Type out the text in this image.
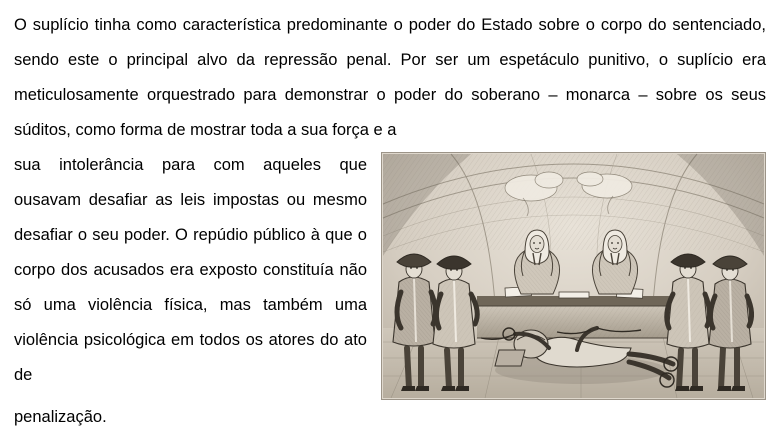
O suplício tinha como característica predominante o poder do Estado sobre o corpo do sentenciado, sendo este o principal alvo da repressão penal. Por ser um espetáculo punitivo, o suplício era meticulosamente orquestrado para demonstrar o poder do soberano – monarca – sobre os seus súditos, como forma de mostrar toda a sua força e a

sua intolerância para com aqueles que ousavam desafiar as leis impostas ou mesmo desafiar o seu poder. O repúdio público à que o corpo dos acusados era exposto constituía não só uma violência física, mas também uma violência psicológica em todos os atores do ato de

penalização.
